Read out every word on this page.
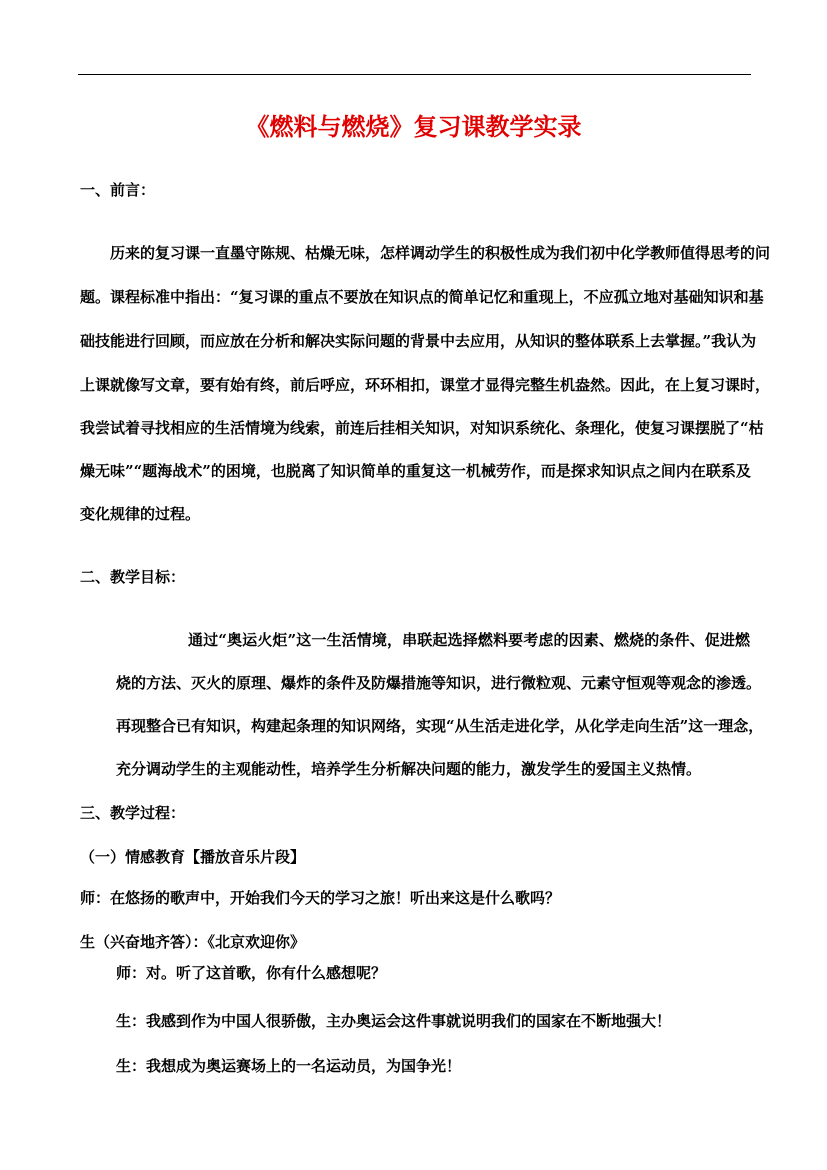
《燃料与燃烧》复习课教学实录
一、前言：
历来的复习课一直墨守陈规、枯燥无味，怎样调动学生的积极性成为我们初中化学教师值得思考的问
题。课程标准中指出：“复习课的重点不要放在知识点的简单记忆和重现上，不应孤立地对基础知识和基
础技能进行回顾，而应放在分析和解决实际问题的背景中去应用，从知识的整体联系上去掌握。”我认为
上课就像写文章，要有始有终，前后呼应，环环相扣，课堂才显得完整生机盎然。因此，在上复习课时，
我尝试着寻找相应的生活情境为线索，前连后挂相关知识，对知识系统化、条理化，使复习课摆脱了“枯
燥无味”“题海战术”的困境，也脱离了知识简单的重复这一机械劳作，而是探求知识点之间内在联系及
变化规律的过程。
二、教学目标：
通过“奥运火炬”这一生活情境，串联起选择燃料要考虑的因素、燃烧的条件、促进燃
烧的方法、灭火的原理、爆炸的条件及防爆措施等知识，进行微粒观、元素守恒观等观念的渗透。
再现整合已有知识，构建起条理的知识网络，实现“从生活走进化学，从化学走向生活”这一理念，
充分调动学生的主观能动性，培养学生分析解决问题的能力，激发学生的爱国主义热情。
三、教学过程：
（一）情感教育【播放音乐片段】
师：在悠扬的歌声中，开始我们今天的学习之旅！听出来这是什么歌吗？
生（兴奋地齐答）：《北京欢迎你》
师：对。听了这首歌，你有什么感想呢？
生：我感到作为中国人很骄傲，主办奥运会这件事就说明我们的国家在不断地强大！
生：我想成为奥运赛场上的一名运动员，为国争光！
